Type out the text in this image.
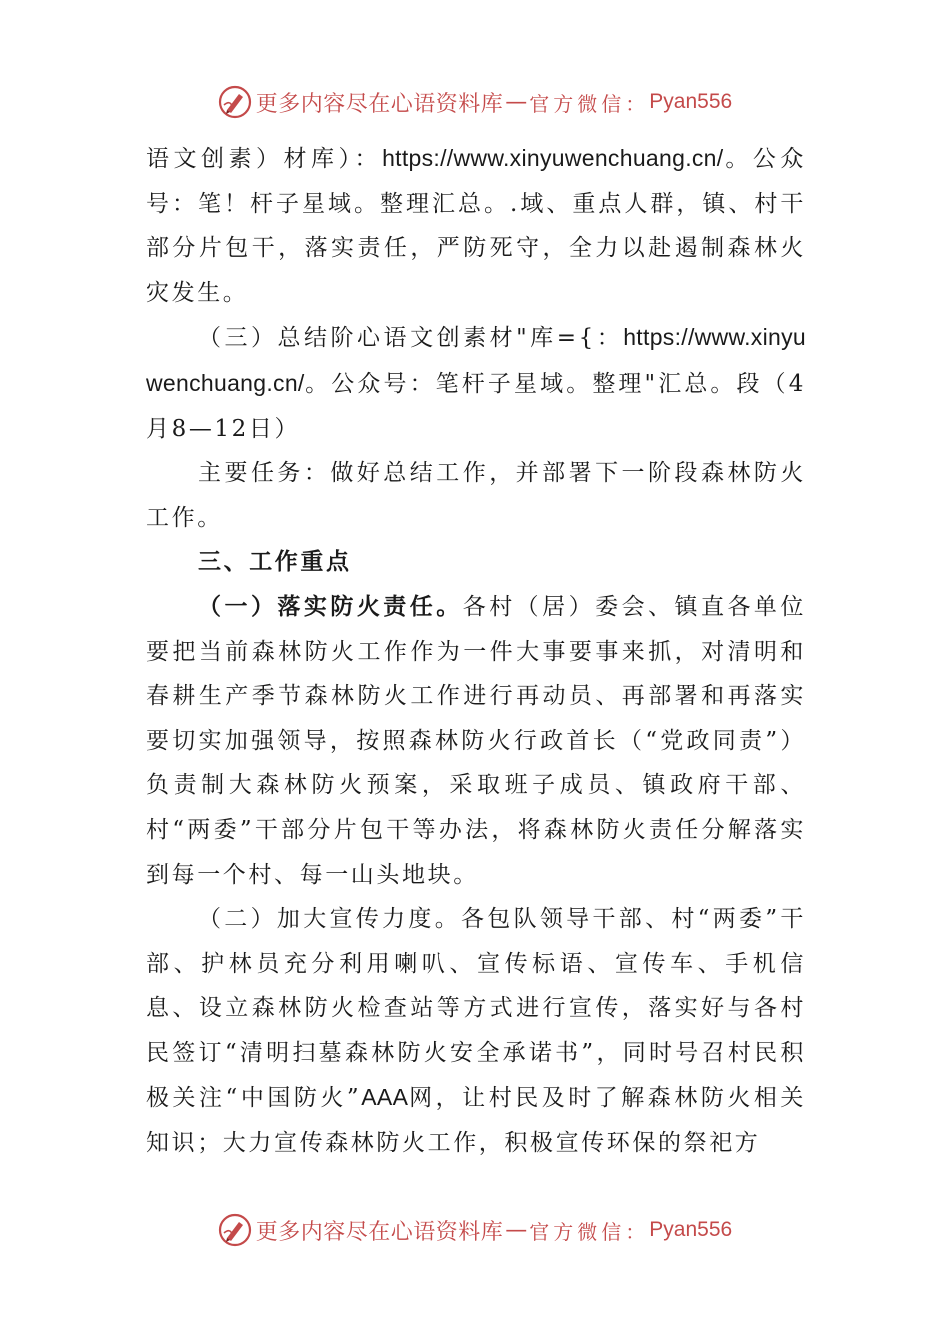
更多内容尽在心语资料库 — 官方微信： Pyan556

语文创素）材库）：https://www.xinyuwenchuang.cn/。公众号：笔！杆子星域。整理汇总。.域、重点人群，镇、村干部分片包干，落实责任，严防死守，全力以赴遏制森林火灾发生。

（三）总结阶心语文创素材"库={：https://www.xinyuwenchuang.cn/。公众号：笔杆子星域。整理"汇总。段（4月8—12日）

主要任务：做好总结工作，并部署下一阶段森林防火工作。

三、工作重点

（一）落实防火责任。各村（居）委会、镇直各单位要把当前森林防火工作作为一件大事要事来抓，对清明和春耕生产季节森林防火工作进行再动员、再部署和再落实要切实加强领导，按照森林防火行政首长（“党政同责”）负责制大森林防火预案，采取班子成员、镇政府干部、村“两委”干部分片包干等办法，将森林防火责任分解落实到每一个村、每一山头地块。

（二）加大宣传力度。各包队领导干部、村“两委”干部、护林员充分利用喇叭、宣传标语、宣传车、手机信息、设立森林防火检查站等方式进行宣传，落实好与各村民签订“清明扫墓森林防火安全承诺书”，同时号召村民积极关注“中国防火”AAA网，让村民及时了解森林防火相关知识；大力宣传森林防火工作，积极宣传环保的祭祀方

更多内容尽在心语资料库 — 官方微信： Pyan556
